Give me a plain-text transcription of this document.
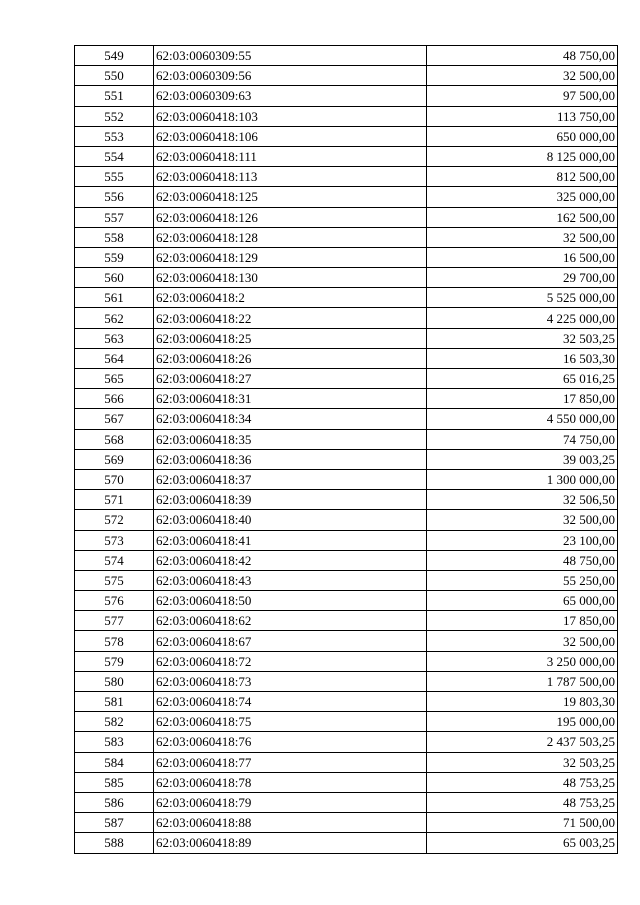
549	62:03:0060309:55	48 750,00
550	62:03:0060309:56	32 500,00
551	62:03:0060309:63	97 500,00
552	62:03:0060418:103	113 750,00
553	62:03:0060418:106	650 000,00
554	62:03:0060418:111	8 125 000,00
555	62:03:0060418:113	812 500,00
556	62:03:0060418:125	325 000,00
557	62:03:0060418:126	162 500,00
558	62:03:0060418:128	32 500,00
559	62:03:0060418:129	16 500,00
560	62:03:0060418:130	29 700,00
561	62:03:0060418:2	5 525 000,00
562	62:03:0060418:22	4 225 000,00
563	62:03:0060418:25	32 503,25
564	62:03:0060418:26	16 503,30
565	62:03:0060418:27	65 016,25
566	62:03:0060418:31	17 850,00
567	62:03:0060418:34	4 550 000,00
568	62:03:0060418:35	74 750,00
569	62:03:0060418:36	39 003,25
570	62:03:0060418:37	1 300 000,00
571	62:03:0060418:39	32 506,50
572	62:03:0060418:40	32 500,00
573	62:03:0060418:41	23 100,00
574	62:03:0060418:42	48 750,00
575	62:03:0060418:43	55 250,00
576	62:03:0060418:50	65 000,00
577	62:03:0060418:62	17 850,00
578	62:03:0060418:67	32 500,00
579	62:03:0060418:72	3 250 000,00
580	62:03:0060418:73	1 787 500,00
581	62:03:0060418:74	19 803,30
582	62:03:0060418:75	195 000,00
583	62:03:0060418:76	2 437 503,25
584	62:03:0060418:77	32 503,25
585	62:03:0060418:78	48 753,25
586	62:03:0060418:79	48 753,25
587	62:03:0060418:88	71 500,00
588	62:03:0060418:89	65 003,25
